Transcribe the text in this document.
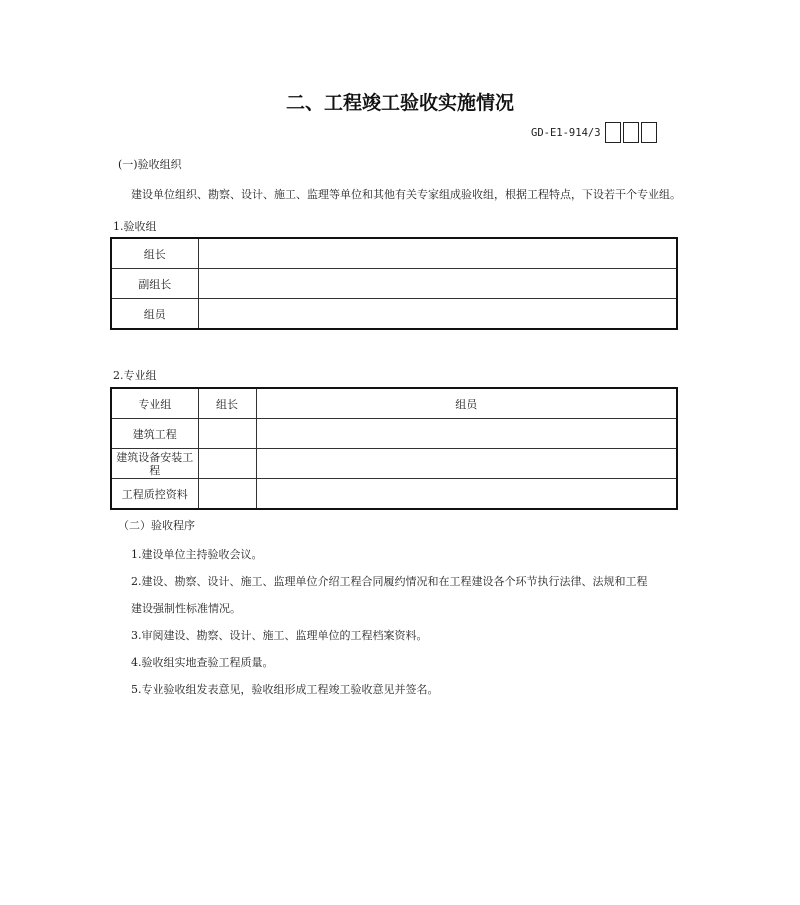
二、工程竣工验收实施情况
GD-E1-914/3
(一)验收组织
建设单位组织、勘察、设计、施工、监理等单位和其他有关专家组成验收组，根据工程特点，下设若干个专业组。
1.验收组
组长	
副组长	
组员	
2.专业组
专业组	组长	组员
建筑工程		
建筑设备安装工程		
工程质控资料		
（二）验收程序
1.建设单位主持验收会议。
2.建设、勘察、设计、施工、监理单位介绍工程合同履约情况和在工程建设各个环节执行法律、法规和工程
建设强制性标准情况。
3.审阅建设、勘察、设计、施工、监理单位的工程档案资料。
4.验收组实地查验工程质量。
5.专业验收组发表意见，验收组形成工程竣工验收意见并签名。
